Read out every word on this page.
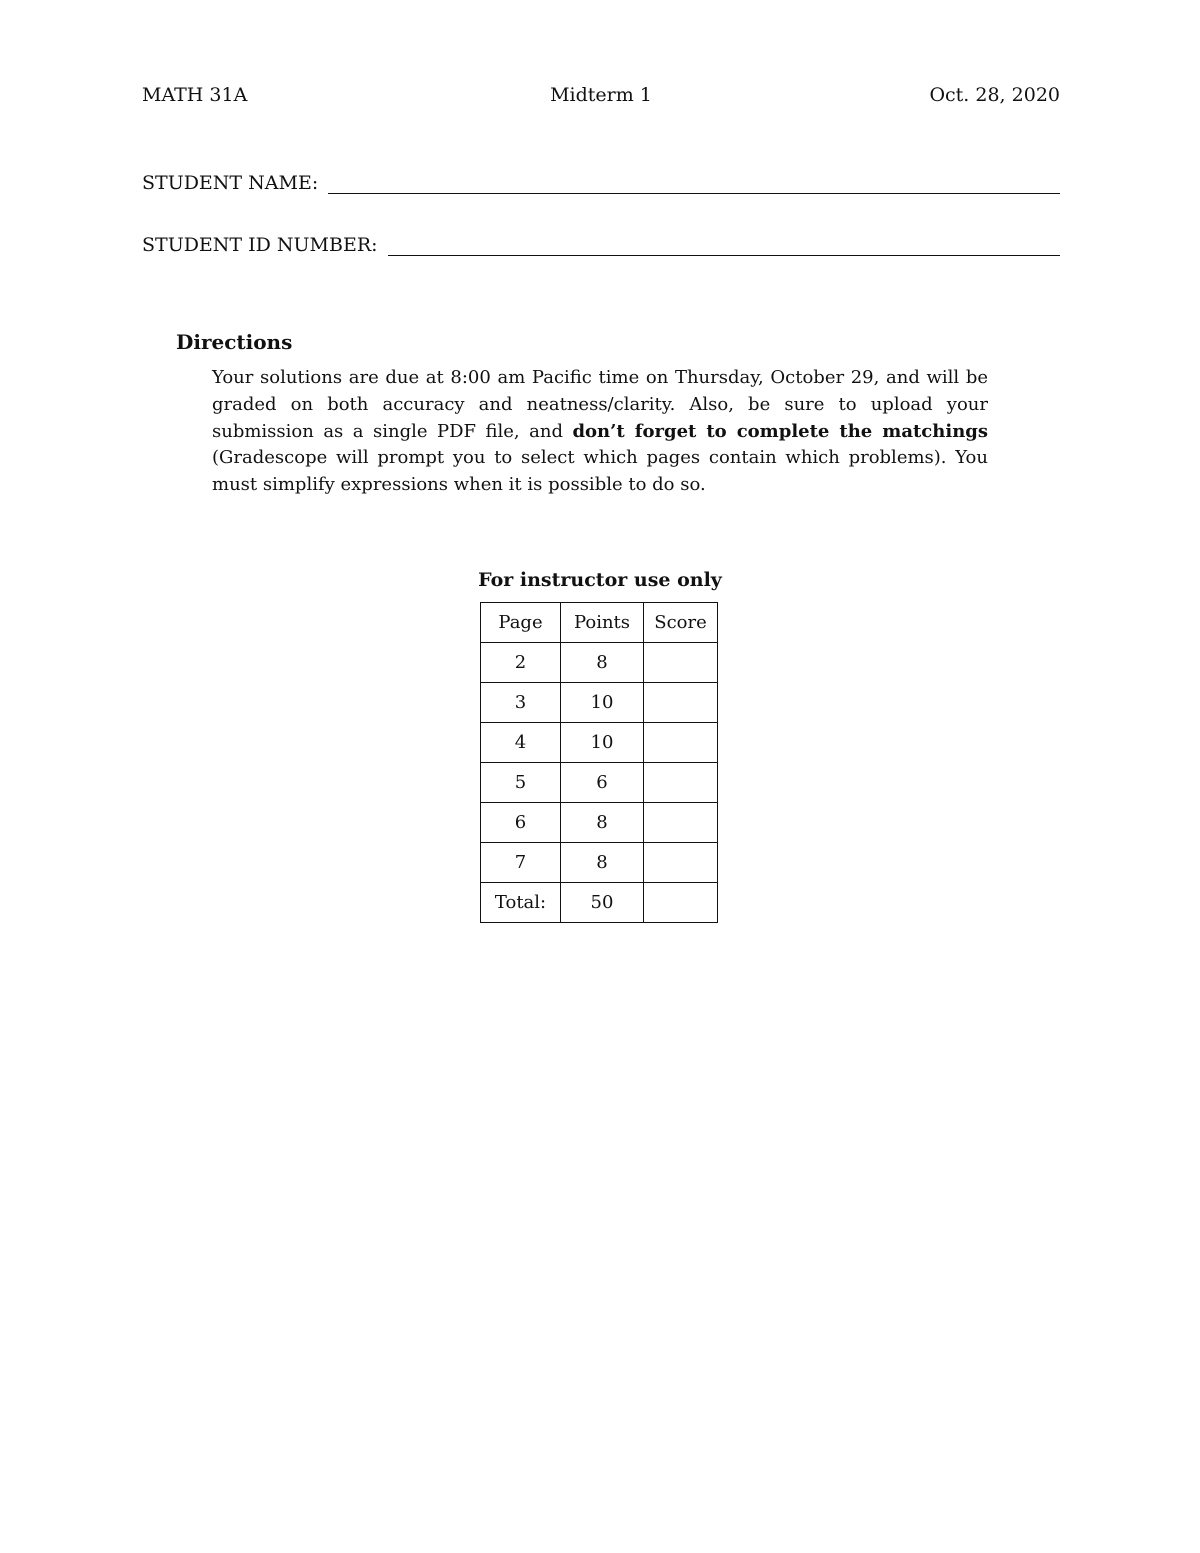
MATH 31A	Midterm 1	Oct. 28, 2020
STUDENT NAME:
STUDENT ID NUMBER:
Directions
Your solutions are due at 8:00 am Pacific time on Thursday, October 29, and will be graded on both accuracy and neatness/clarity. Also, be sure to upload your submission as a single PDF file, and don’t forget to complete the matchings (Gradescope will prompt you to select which pages contain which problems). You must simplify expressions when it is possible to do so.
For instructor use only
Page	Points	Score
2	8	
3	10	
4	10	
5	6	
6	8	
7	8	
Total:	50	
